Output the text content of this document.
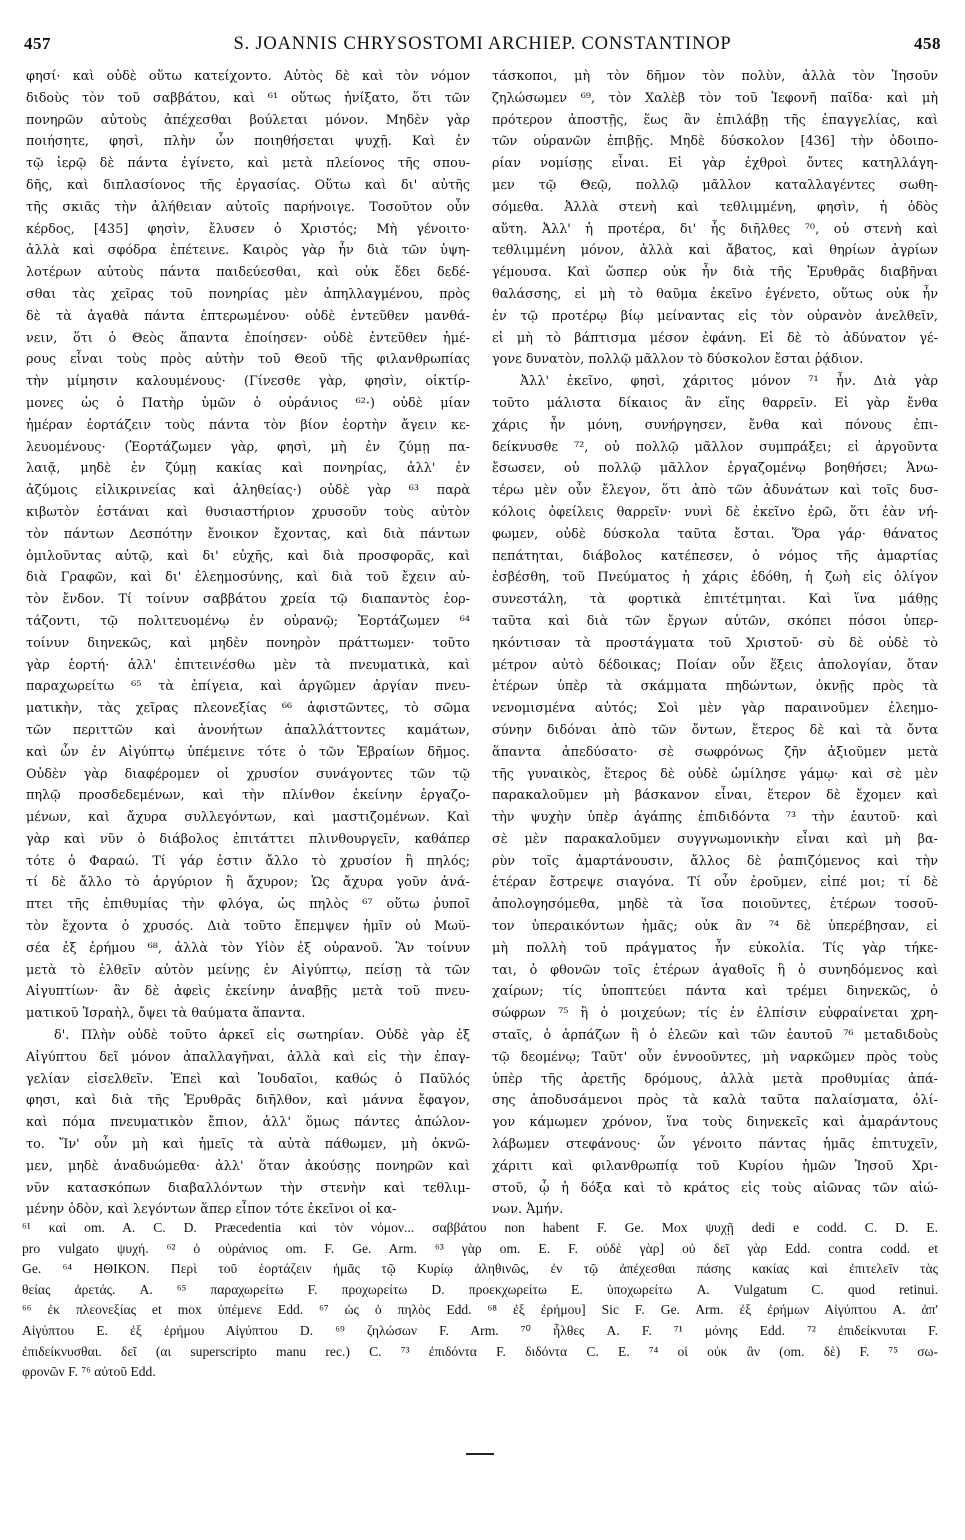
457	S. JOANNIS CHRYSOSTOMI ARCHIEP. CONSTANTINOP	458

φησί· καὶ οὐδὲ οὕτω κατείχοντο. Αὐτὸς δὲ καὶ τὸν νόμον

διδοὺς τὸν τοῦ σαββάτου, καὶ ⁶¹ οὕτως ἠνίξατο, ὅτι τῶν

πονηρῶν αὐτοὺς ἀπέχεσθαι βούλεται μόνον. Μηδὲν γὰρ

ποιήσητε, φησὶ, πλὴν ὧν ποιηθήσεται ψυχῇ. Καὶ ἐν

τῷ ἱερῷ δὲ πάντα ἐγίνετο, καὶ μετὰ πλείονος τῆς σπου-

δῆς, καὶ διπλασίονος τῆς ἐργασίας. Οὕτω καὶ δι' αὐτῆς

τῆς σκιᾶς τὴν ἀλήθειαν αὐτοῖς παρήνοιγε. Τοσοῦτον οὖν

κέρδος, [435] φησὶν, ἔλυσεν ὁ Χριστός; Μὴ γένοιτο·

ἀλλὰ καὶ σφόδρα ἐπέτεινε. Καιρὸς γὰρ ἦν διὰ τῶν ὑψη-

λοτέρων αὐτοὺς πάντα παιδεύεσθαι, καὶ οὐκ ἔδει δεδέ-

σθαι τὰς χεῖρας τοῦ πονηρίας μὲν ἀπηλλαγμένου, πρὸς

δὲ τὰ ἀγαθὰ πάντα ἐπτερωμένου· οὐδὲ ἐντεῦθεν μανθά-

νειν, ὅτι ὁ Θεὸς ἅπαντα ἐποίησεν· οὐδὲ ἐντεῦθεν ἡμέ-

ρους εἶναι τοὺς πρὸς αὐτὴν τοῦ Θεοῦ τῆς φιλανθρωπίας

τὴν μίμησιν καλουμένους· (Γίνεσθε γὰρ, φησὶν, οἰκτίρ-

μονες ὡς ὁ Πατὴρ ὑμῶν ὁ οὐράνιος ⁶²·) οὐδὲ μίαν

ἡμέραν ἑορτάζειν τοὺς πάντα τὸν βίον ἑορτὴν ἄγειν κε-

λευομένους· (Ἑορτάζωμεν γὰρ, φησὶ, μὴ ἐν ζύμῃ πα-

λαιᾷ, μηδὲ ἐν ζύμῃ κακίας καὶ πονηρίας, ἀλλ' ἐν

ἀζύμοις εἰλικρινείας καὶ ἀληθείας·) οὐδὲ γὰρ ⁶³ παρὰ

κιβωτὸν ἑστάναι καὶ θυσιαστήριον χρυσοῦν τοὺς αὐτὸν

τὸν πάντων Δεσπότην ἔνοικον ἔχοντας, καὶ διὰ πάντων

ὁμιλοῦντας αὐτῷ, καὶ δι' εὐχῆς, καὶ διὰ προσφορᾶς, καὶ

διὰ Γραφῶν, καὶ δι' ἐλεημοσύνης, καὶ διὰ τοῦ ἔχειν αὐ-

τὸν ἔνδον. Τί τοίνυν σαββάτου χρεία τῷ διαπαντὸς ἑορ-

τάζοντι, τῷ πολιτευομένῳ ἐν οὐρανῷ; Ἑορτάζωμεν ⁶⁴

τοίνυν διηνεκῶς, καὶ μηδὲν πονηρὸν πράττωμεν· τοῦτο

γὰρ ἑορτή· ἀλλ' ἐπιτεινέσθω μὲν τὰ πνευματικὰ, καὶ

παραχωρείτω ⁶⁵ τὰ ἐπίγεια, καὶ ἀργῶμεν ἀργίαν πνευ-

ματικὴν, τὰς χεῖρας πλεονεξίας ⁶⁶ ἀφιστῶντες, τὸ σῶμα

τῶν περιττῶν καὶ ἀνονήτων ἀπαλλάττοντες καμάτων,

καὶ ὧν ἐν Αἰγύπτῳ ὑπέμεινε τότε ὁ τῶν Ἑβραίων δῆμος.

Οὐδὲν γὰρ διαφέρομεν οἱ χρυσίον συνάγοντες τῶν τῷ

πηλῷ προσδεδεμένων, καὶ τὴν πλίνθον ἐκείνην ἐργαζο-

μένων, καὶ ἄχυρα συλλεγόντων, καὶ μαστιζομένων. Καὶ

γὰρ καὶ νῦν ὁ διάβολος ἐπιτάττει πλινθουργεῖν, καθάπερ

τότε ὁ Φαραώ. Τί γάρ ἐστιν ἄλλο τὸ χρυσίον ἢ πηλός;

τί δὲ ἄλλο τὸ ἀργύριον ἢ ἄχυρον; Ὡς ἄχυρα γοῦν ἀνά-

πτει τῆς ἐπιθυμίας τὴν φλόγα, ὡς πηλὸς ⁶⁷ οὕτω ῥυποῖ

τὸν ἔχοντα ὁ χρυσός. Διὰ τοῦτο ἔπεμψεν ἡμῖν οὐ Μωϋ-

σέα ἐξ ἐρήμου ⁶⁸, ἀλλὰ τὸν Υἱὸν ἐξ οὐρανοῦ. Ἂν τοίνυν

μετὰ τὸ ἐλθεῖν αὐτὸν μείνῃς ἐν Αἰγύπτῳ, πείσῃ τὰ τῶν

Αἰγυπτίων· ἂν δὲ ἀφεὶς ἐκείνην ἀναβῇς μετὰ τοῦ πνευ-

ματικοῦ Ἰσραὴλ, ὄψει τὰ θαύματα ἅπαντα.

δ'. Πλὴν οὐδὲ τοῦτο ἀρκεῖ εἰς σωτηρίαν. Οὐδὲ γὰρ ἐξ

Αἰγύπτου δεῖ μόνον ἀπαλλαγῆναι, ἀλλὰ καὶ εἰς τὴν ἐπαγ-

γελίαν εἰσελθεῖν. Ἐπεὶ καὶ Ἰουδαῖοι, καθώς ὁ Παῦλός

φησι, καὶ διὰ τῆς Ἐρυθρᾶς διῆλθον, καὶ μάννα ἔφαγον,

καὶ πόμα πνευματικὸν ἔπιον, ἀλλ' ὅμως πάντες ἀπώλον-

το. Ἵν' οὖν μὴ καὶ ἡμεῖς τὰ αὐτὰ πάθωμεν, μὴ ὀκνῶ-

μεν, μηδὲ ἀναδυώμεθα· ἀλλ' ὅταν ἀκούσῃς πονηρῶν καὶ

νῦν κατασκόπων διαβαλλόντων τὴν στενὴν καὶ τεθλιμ-

μένην ὁδὸν, καὶ λεγόντων ἅπερ εἶπον τότε ἐκεῖνοι οἱ κα-

τάσκοποι, μὴ τὸν δῆμον τὸν πολὺν, ἀλλὰ τὸν Ἰησοῦν

ζηλώσωμεν ⁶⁹, τὸν Χαλὲβ τὸν τοῦ Ἰεφονῆ παῖδα· καὶ μὴ

πρότερον ἀποστῇς, ἕως ἂν ἐπιλάβῃ τῆς ἐπαγγελίας, καὶ

τῶν οὐρανῶν ἐπιβῇς. Μηδὲ δύσκολον [436] τὴν ὁδοιπο-

ρίαν νομίσῃς εἶναι. Εἰ γὰρ ἐχθροὶ ὄντες κατηλλάγη-

μεν τῷ Θεῷ, πολλῷ μᾶλλον καταλλαγέντες σωθη-

σόμεθα. Ἀλλὰ στενὴ καὶ τεθλιμμένη, φησὶν, ἡ ὁδὸς

αὕτη. Ἀλλ' ἡ προτέρα, δι' ἧς διῆλθες ⁷⁰, οὐ στενὴ καὶ

τεθλιμμένη μόνον, ἀλλὰ καὶ ἄβατος, καὶ θηρίων ἀγρίων

γέμουσα. Καὶ ὥσπερ οὐκ ἦν διὰ τῆς Ἐρυθρᾶς διαβῆναι

θαλάσσης, εἰ μὴ τὸ θαῦμα ἐκεῖνο ἐγένετο, οὕτως οὐκ ἦν

ἐν τῷ προτέρῳ βίῳ μείναντας εἰς τὸν οὐρανὸν ἀνελθεῖν,

εἰ μὴ τὸ βάπτισμα μέσον ἐφάνη. Εἰ δὲ τὸ ἀδύνατον γέ-

γονε δυνατὸν, πολλῷ μᾶλλον τὸ δύσκολον ἔσται ῥᾴδιον.

Ἀλλ' ἐκεῖνο, φησὶ, χάριτος μόνον ⁷¹ ἦν. Διὰ γὰρ

τοῦτο μάλιστα δίκαιος ἂν εἴης θαρρεῖν. Εἰ γὰρ ἔνθα

χάρις ἦν μόνη, συνήργησεν, ἔνθα καὶ πόνους ἐπι-

δείκνυσθε ⁷², οὐ πολλῷ μᾶλλον συμπράξει; εἰ ἀργοῦντα

ἔσωσεν, οὐ πολλῷ μᾶλλον ἐργαζομένῳ βοηθήσει; Ἀνω-

τέρω μὲν οὖν ἔλεγον, ὅτι ἀπὸ τῶν ἀδυνάτων καὶ τοῖς δυσ-

κόλοις ὀφείλεις θαρρεῖν· νυνὶ δὲ ἐκεῖνο ἐρῶ, ὅτι ἐὰν νή-

φωμεν, οὐδὲ δύσκολα ταῦτα ἔσται. Ὅρα γάρ· θάνατος

πεπάτηται, διάβολος κατέπεσεν, ὁ νόμος τῆς ἁμαρτίας

ἐσβέσθη, τοῦ Πνεύματος ἡ χάρις ἐδόθη, ἡ ζωὴ εἰς ὀλίγον

συνεστάλη, τὰ φορτικὰ ἐπιτέτμηται. Καὶ ἵνα μάθῃς

ταῦτα καὶ διὰ τῶν ἔργων αὐτῶν, σκόπει πόσοι ὑπερ-

ηκόντισαν τὰ προστάγματα τοῦ Χριστοῦ· σὺ δὲ οὐδὲ τὸ

μέτρον αὐτὸ δέδοικας; Ποίαν οὖν ἕξεις ἀπολογίαν, ὅταν

ἑτέρων ὑπὲρ τὰ σκάμματα πηδώντων, ὀκνῇς πρὸς τὰ

νενομισμένα αὐτός; Σοὶ μὲν γὰρ παραινοῦμεν ἐλεημο-

σύνην διδόναι ἀπὸ τῶν ὄντων, ἕτερος δὲ καὶ τὰ ὄντα

ἅπαντα ἀπεδύσατο· σὲ σωφρόνως ζῆν ἀξιοῦμεν μετὰ

τῆς γυναικὸς, ἕτερος δὲ οὐδὲ ὡμίλησε γάμῳ· καὶ σὲ μὲν

παρακαλοῦμεν μὴ βάσκανον εἶναι, ἕτερον δὲ ἔχομεν καὶ

τὴν ψυχὴν ὑπὲρ ἀγάπης ἐπιδιδόντα ⁷³ τὴν ἑαυτοῦ· καὶ

σὲ μὲν παρακαλοῦμεν συγγνωμονικὴν εἶναι καὶ μὴ βα-

ρὺν τοῖς ἁμαρτάνουσιν, ἄλλος δὲ ῥαπιζόμενος καὶ τὴν

ἑτέραν ἔστρεψε σιαγόνα. Τί οὖν ἐροῦμεν, εἰπέ μοι; τί δὲ

ἀπολογησόμεθα, μηδὲ τὰ ἴσα ποιοῦντες, ἑτέρων τοσοῦ-

τον ὑπεραικόντων ἡμᾶς; οὐκ ἂν ⁷⁴ δὲ ὑπερέβησαν, εἰ

μὴ πολλὴ τοῦ πράγματος ἦν εὐκολία. Τίς γὰρ τήκε-

ται, ὁ φθονῶν τοῖς ἑτέρων ἀγαθοῖς ἢ ὁ συνηδόμενος καὶ

χαίρων; τίς ὑποπτεύει πάντα καὶ τρέμει διηνεκῶς, ὁ

σώφρων ⁷⁵ ἢ ὁ μοιχεύων; τίς ἐν ἐλπίσιν εὐφραίνεται χρη-

σταῖς, ὁ ἁρπάζων ἢ ὁ ἐλεῶν καὶ τῶν ἑαυτοῦ ⁷⁶ μεταδιδοὺς

τῷ δεομένῳ; Ταῦτ' οὖν ἐννοοῦντες, μὴ ναρκῶμεν πρὸς τοὺς

ὑπὲρ τῆς ἀρετῆς δρόμους, ἀλλὰ μετὰ προθυμίας ἀπά-

σης ἀποδυσάμενοι πρὸς τὰ καλὰ ταῦτα παλαίσματα, ὀλί-

γον κάμωμεν χρόνον, ἵνα τοὺς διηνεκεῖς καὶ ἀμαράντους

λάβωμεν στεφάνους· ὧν γένοιτο πάντας ἡμᾶς ἐπιτυχεῖν,

χάριτι καὶ φιλανθρωπίᾳ τοῦ Κυρίου ἡμῶν Ἰησοῦ Χρι-

στοῦ, ᾧ ἡ δόξα καὶ τὸ κράτος εἰς τοὺς αἰῶνας τῶν αἰώ-

νων. Ἀμήν.

⁶¹ καὶ om. A. C. D. Præcedentia καὶ τὸν νόμον... σαββάτου non habent F. Ge. Mox ψυχῇ dedi e codd. C. D. E.

pro vulgato ψυχή. ⁶² ὁ οὐράνιος om. F. Ge. Arm. ⁶³ γὰρ om. E. F. οὐδὲ γὰρ] οὐ δεῖ γὰρ Edd. contra codd. et

Ge. ⁶⁴ ΗΘΙΚΟΝ. Περὶ τοῦ ἑορτάζειν ἡμᾶς τῷ Κυρίῳ ἀληθινῶς, ἐν τῷ ἀπέχεσθαι πάσης κακίας καὶ ἐπιτελεῖν τὰς

θείας ἀρετάς. A. ⁶⁵ παραχωρείτω F. προχωρείτω D. προεκχωρείτω E. ὑποχωρείτω A. Vulgatum C. quod retinui.

⁶⁶ ἐκ πλεονεξίας et mox ὑπέμενε Edd. ⁶⁷ ὡς ὁ πηλὸς Edd. ⁶⁸ ἐξ ἐρήμου] Sic F. Ge. Arm. ἐξ ἐρήμων Αἰγύπτου A. ἀπ'

Αἰγύπτου E. ἐξ ἐρήμου Αἰγύπτου D. ⁶⁹ ζηλώσων F. Arm. ⁷⁰ ἦλθες A. F. ⁷¹ μόνης Edd. ⁷² ἐπιδείκνυται F.

ἐπιδείκνυσθαι. δεῖ (αι superscripto manu rec.) C. ⁷³ ἐπιδόντα F. διδόντα C. E. ⁷⁴ οἱ οὐκ ἂν (om. δὲ) F. ⁷⁵ σω-

φρονῶν F. ⁷⁶ αὐτοῦ Edd.
